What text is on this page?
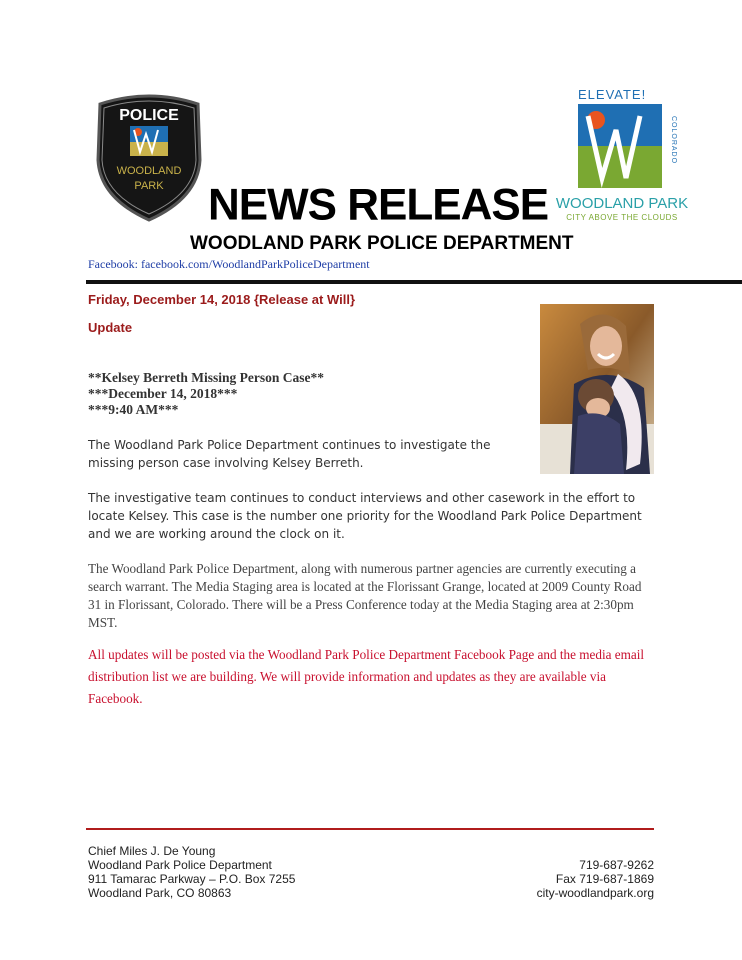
POLICE
WOODLAND
PARK
ELEVATE!
COLORADO
WOODLAND PARK
CITY ABOVE THE CLOUDS
NEWS RELEASE
WOODLAND PARK POLICE DEPARTMENT
Facebook: facebook.com/WoodlandParkPoliceDepartment
Friday, December 14, 2018 {Release at Will}
Update
**Kelsey Berreth Missing Person Case**
***December 14, 2018***
***9:40 AM***
The Woodland Park Police Department continues to investigate the missing person case involving Kelsey Berreth.
The investigative team continues to conduct interviews and other casework in the effort to locate Kelsey. This case is the number one priority for the Woodland Park Police Department and we are working around the clock on it.
The Woodland Park Police Department, along with numerous partner agencies are currently executing a search warrant. The Media Staging area is located at the Florissant Grange, located at 2009 County Road 31 in Florissant, Colorado. There will be a Press Conference today at the Media Staging area at 2:30pm MST.
All updates will be posted via the Woodland Park Police Department Facebook Page and the media email distribution list we are building. We will provide information and updates as they are available via Facebook.
Chief Miles J. De Young
Woodland Park Police Department
911 Tamarac Parkway – P.O. Box 7255
Woodland Park, CO 80863
719-687-9262
Fax 719-687-1869
city-woodlandpark.org
